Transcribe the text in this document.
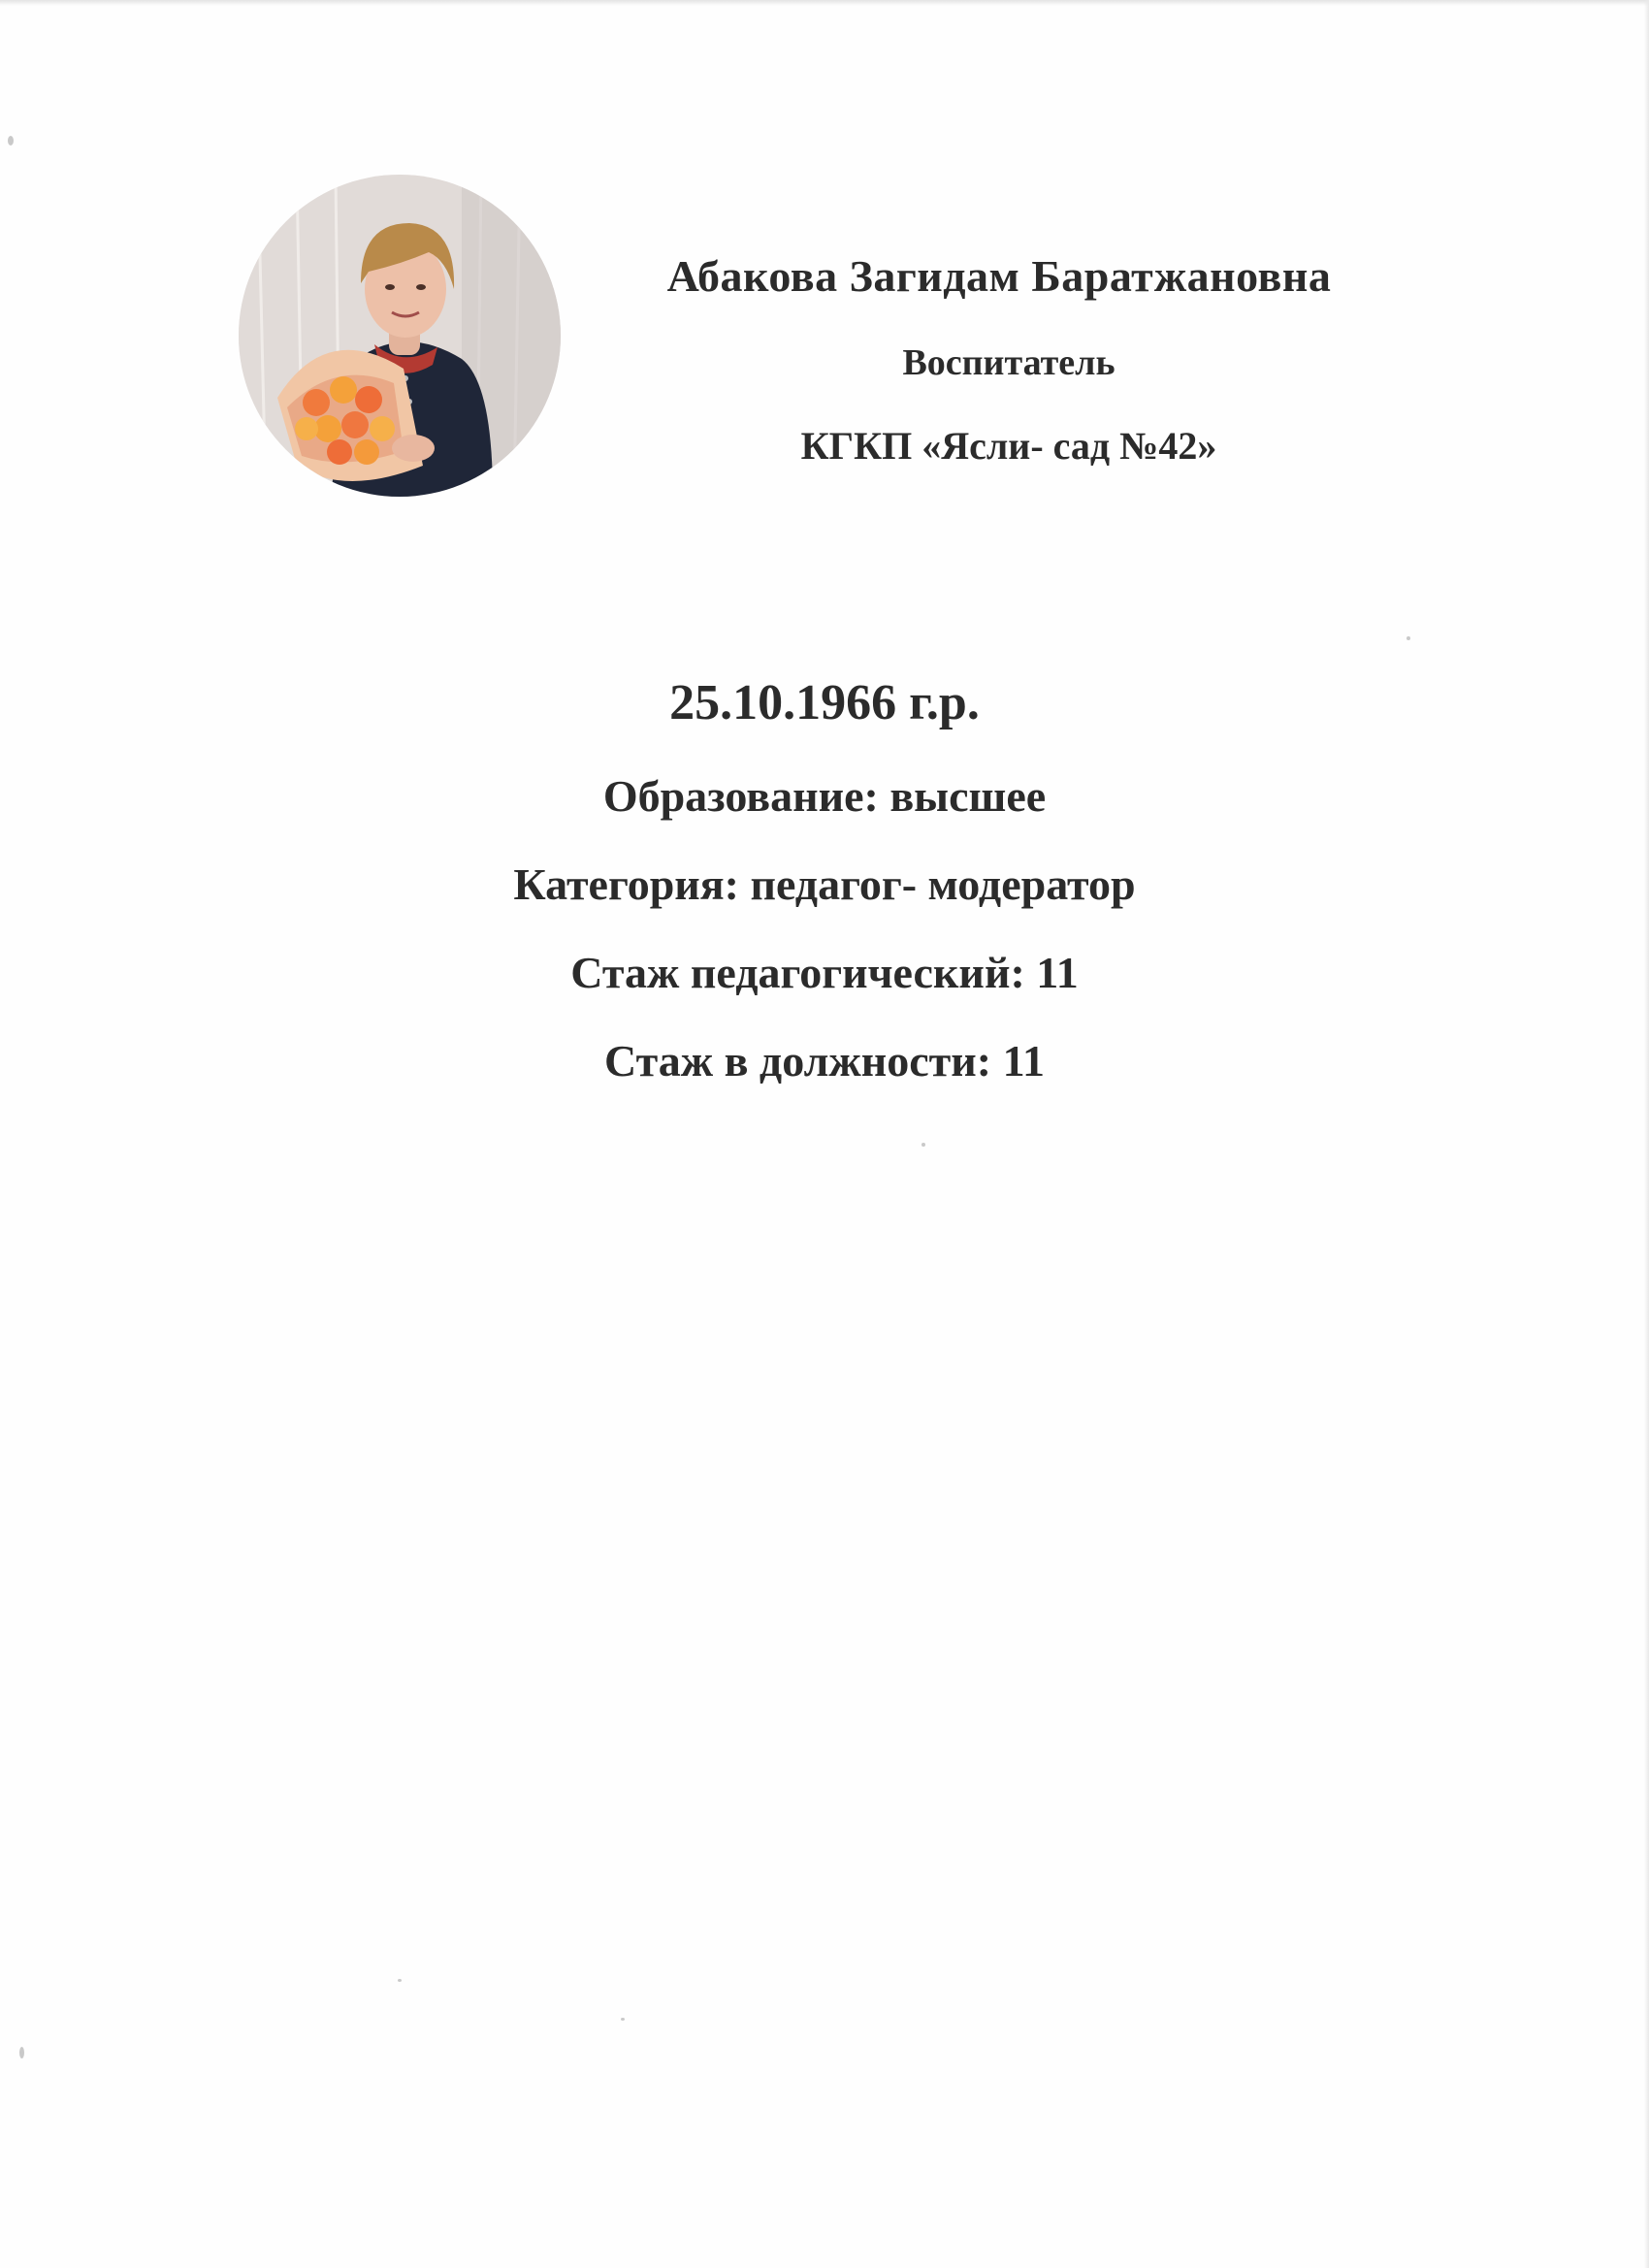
Абакова Загидам Баратжановна
Воспитатель
КГКП «Ясли- сад №42»
25.10.1966 г.р.
Образование: высшее
Категория: педагог- модератор
Стаж педагогический: 11
Стаж в должности: 11
